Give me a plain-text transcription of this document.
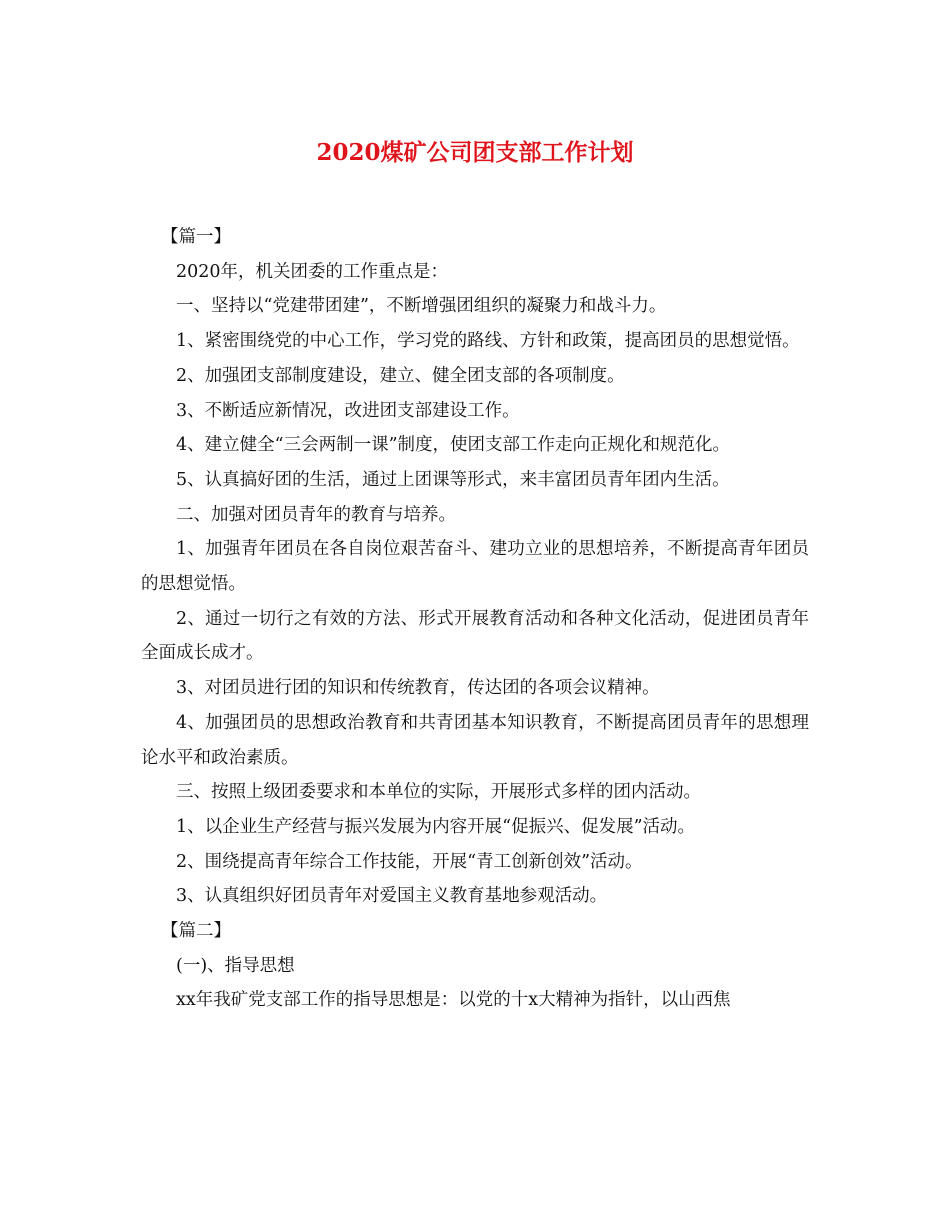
2020煤矿公司团支部工作计划

【篇一】

2020年，机关团委的工作重点是：

一、坚持以“党建带团建”，不断增强团组织的凝聚力和战斗力。

1、紧密围绕党的中心工作，学习党的路线、方针和政策，提高团员的思想觉悟。

2、加强团支部制度建设，建立、健全团支部的各项制度。

3、不断适应新情况，改进团支部建设工作。

4、建立健全“三会两制一课”制度，使团支部工作走向正规化和规范化。

5、认真搞好团的生活，通过上团课等形式，来丰富团员青年团内生活。

二、加强对团员青年的教育与培养。

1、加强青年团员在各自岗位艰苦奋斗、建功立业的思想培养，不断提高青年团员的思想觉悟。

2、通过一切行之有效的方法、形式开展教育活动和各种文化活动，促进团员青年全面成长成才。

3、对团员进行团的知识和传统教育，传达团的各项会议精神。

4、加强团员的思想政治教育和共青团基本知识教育，不断提高团员青年的思想理论水平和政治素质。

三、按照上级团委要求和本单位的实际，开展形式多样的团内活动。

1、以企业生产经营与振兴发展为内容开展“促振兴、促发展”活动。

2、围绕提高青年综合工作技能，开展“青工创新创效”活动。

3、认真组织好团员青年对爱国主义教育基地参观活动。

【篇二】

(一)、指导思想

xx年我矿党支部工作的指导思想是：以党的十x大精神为指针，以山西焦
